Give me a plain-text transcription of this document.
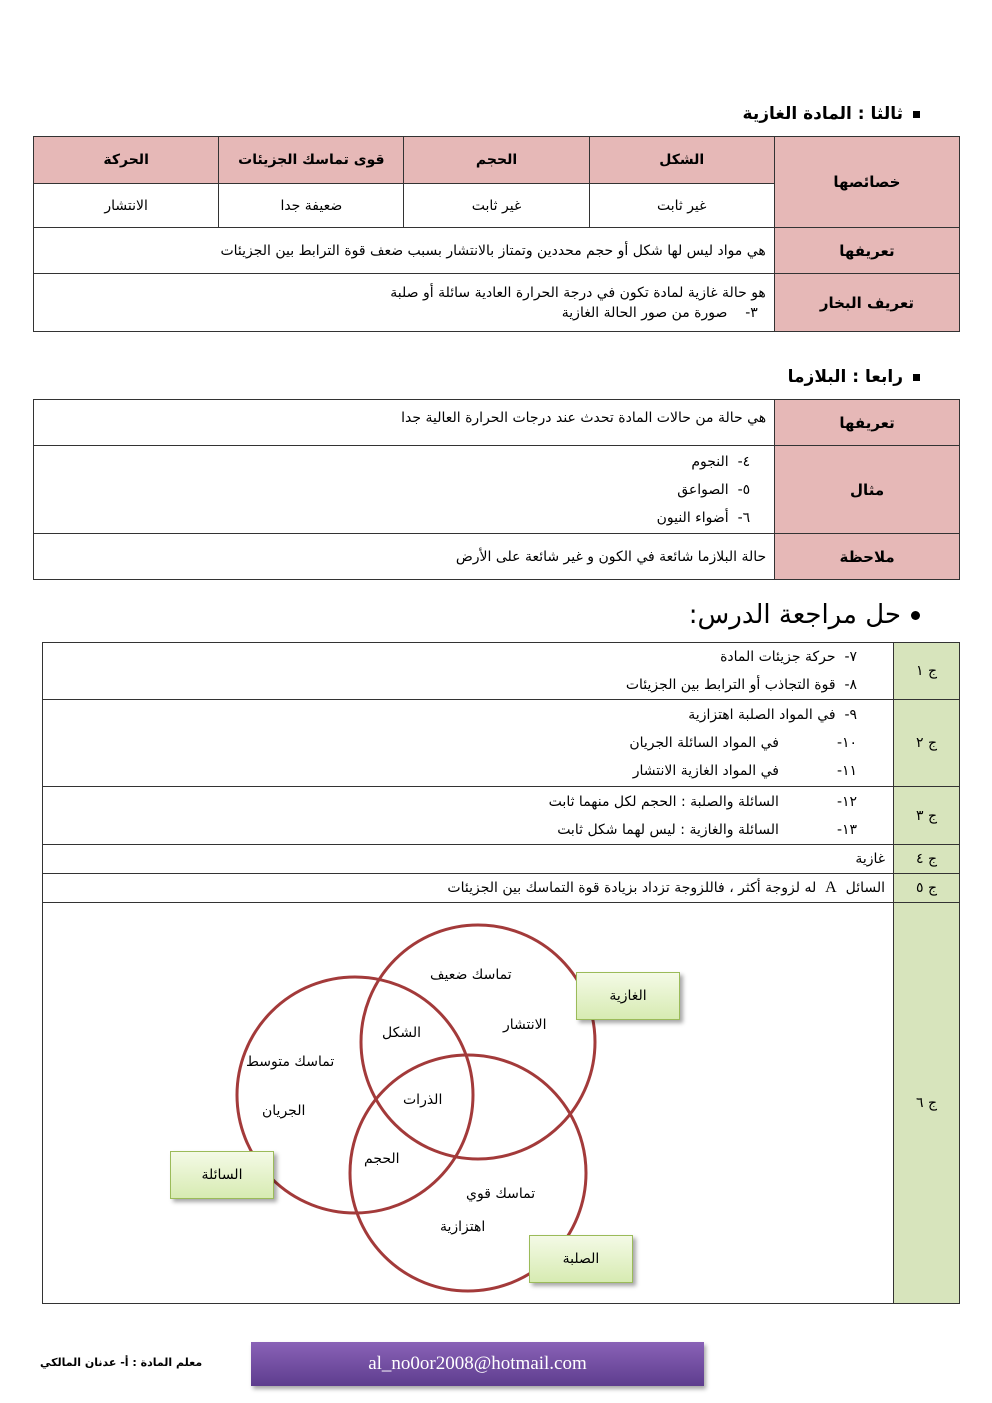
ثالثا : المادة الغازية
خصائصها	الشكل	الحجم	قوى تماسك الجزيئات	الحركة
	غير ثابت	غير ثابت	ضعيفة جدا	الانتشار
تعريفها	هي مواد ليس لها شكل أو حجم محددين وتمتاز بالانتشار بسبب ضعف قوة الترابط بين الجزيئات			
تعريف البخار	هو حالة غازية لمادة تكون في درجة الحرارة العادية سائلة أو صلبة
٣-    صورة من صور الحالة الغازية			
رابعا : البلازما
تعريفها	هي حالة من حالات المادة تحدث عند درجات الحرارة العالية جدا
مثال	٤-  النجوم
٥-  الصواعق
٦-  أضواء النيون

ملاحظة	حالة البلازما شائعة في الكون و غير شائعة على الأرض
حل مراجعة الدرس:
ج ١	٧-  حركة جزيئات المادة
٨-  قوة التجاذب أو الترابط بين الجزيئات

ج ٢	٩-  في المواد الصلبة اهتزازية
١٠-في المواد السائلة الجريان
١١-في المواد الغازية الانتشار

ج ٣	١٢-السائلة والصلبة : الحجم لكل منهما ثابت
١٣-السائلة والغازية : ليس لهما شكل ثابت

ج ٤	غازية
ج ٥	السائل  A  له لزوجة أكثر ، فاللزوجة تزداد بزيادة قوة التماسك بين الجزيئات
ج ٦	
تماسك ضعيف
الانتشار
الشكل
تماسك متوسط
الجريان
الذرات
الحجم
تماسك قوي
اهتزازية
الغازية
السائلة
الصلبة
معلم المادة : أ- عدنان المالكي	al_no0or2008@hotmail.com
